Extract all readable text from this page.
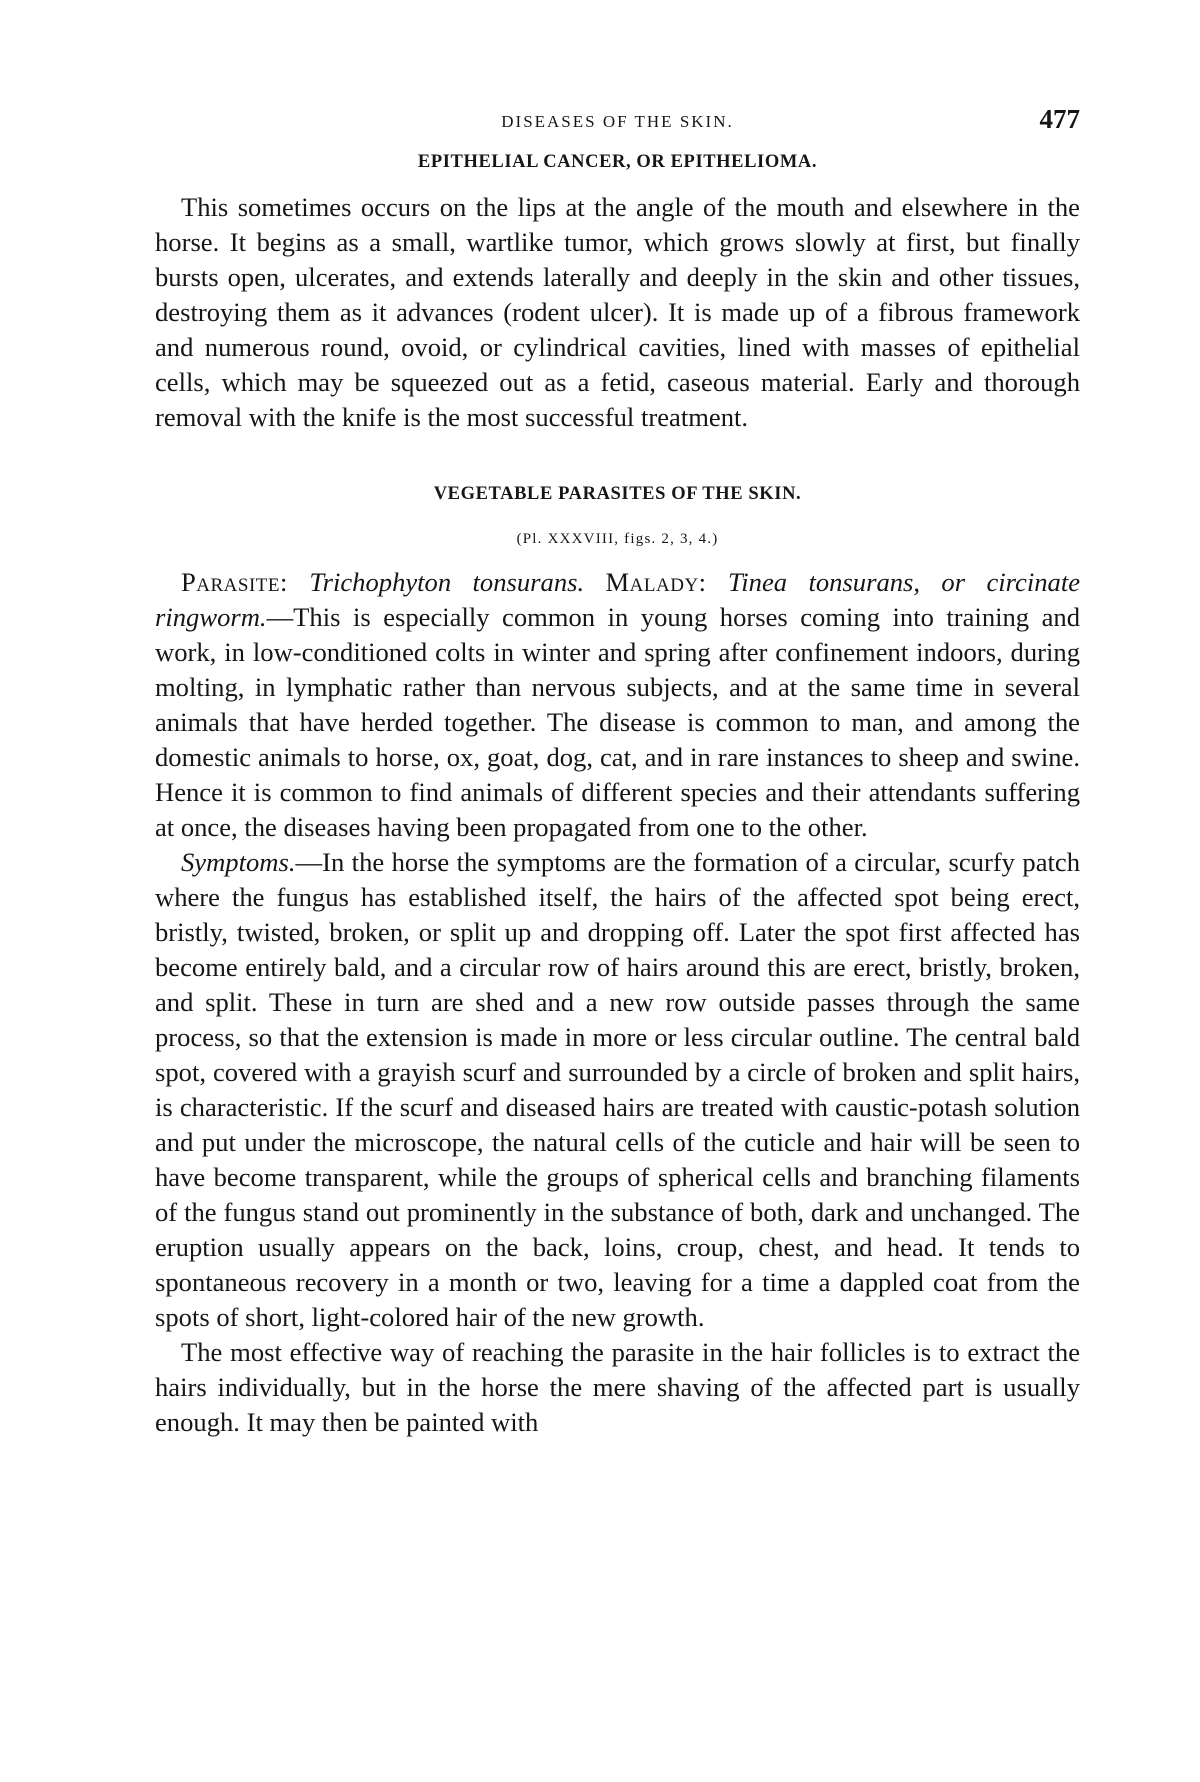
DISEASES OF THE SKIN.	477
EPITHELIAL CANCER, OR EPITHELIOMA.

This sometimes occurs on the lips at the angle of the mouth and elsewhere in the horse. It begins as a small, wartlike tumor, which grows slowly at first, but finally bursts open, ulcerates, and extends laterally and deeply in the skin and other tissues, destroying them as it advances (rodent ulcer). It is made up of a fibrous framework and numerous round, ovoid, or cylindrical cavities, lined with masses of epithelial cells, which may be squeezed out as a fetid, caseous material. Early and thorough removal with the knife is the most successful treatment.

VEGETABLE PARASITES OF THE SKIN.
(Pl. XXXVIII, figs. 2, 3, 4.)

Parasite: Trichophyton tonsurans. Malady: Tinea tonsurans, or circinate ringworm.—This is especially common in young horses coming into training and work, in low-conditioned colts in winter and spring after confinement indoors, during molting, in lymphatic rather than nervous subjects, and at the same time in several animals that have herded together. The disease is common to man, and among the domestic animals to horse, ox, goat, dog, cat, and in rare instances to sheep and swine. Hence it is common to find animals of different species and their attendants suffering at once, the diseases having been propagated from one to the other.

Symptoms.—In the horse the symptoms are the formation of a circular, scurfy patch where the fungus has established itself, the hairs of the affected spot being erect, bristly, twisted, broken, or split up and dropping off. Later the spot first affected has become entirely bald, and a circular row of hairs around this are erect, bristly, broken, and split. These in turn are shed and a new row outside passes through the same process, so that the extension is made in more or less circular outline. The central bald spot, covered with a grayish scurf and surrounded by a circle of broken and split hairs, is characteristic. If the scurf and diseased hairs are treated with caustic-potash solution and put under the microscope, the natural cells of the cuticle and hair will be seen to have become transparent, while the groups of spherical cells and branching filaments of the fungus stand out prominently in the substance of both, dark and unchanged. The eruption usually appears on the back, loins, croup, chest, and head. It tends to spontaneous recovery in a month or two, leaving for a time a dappled coat from the spots of short, light-colored hair of the new growth.

The most effective way of reaching the parasite in the hair follicles is to extract the hairs individually, but in the horse the mere shaving of the affected part is usually enough. It may then be painted with
